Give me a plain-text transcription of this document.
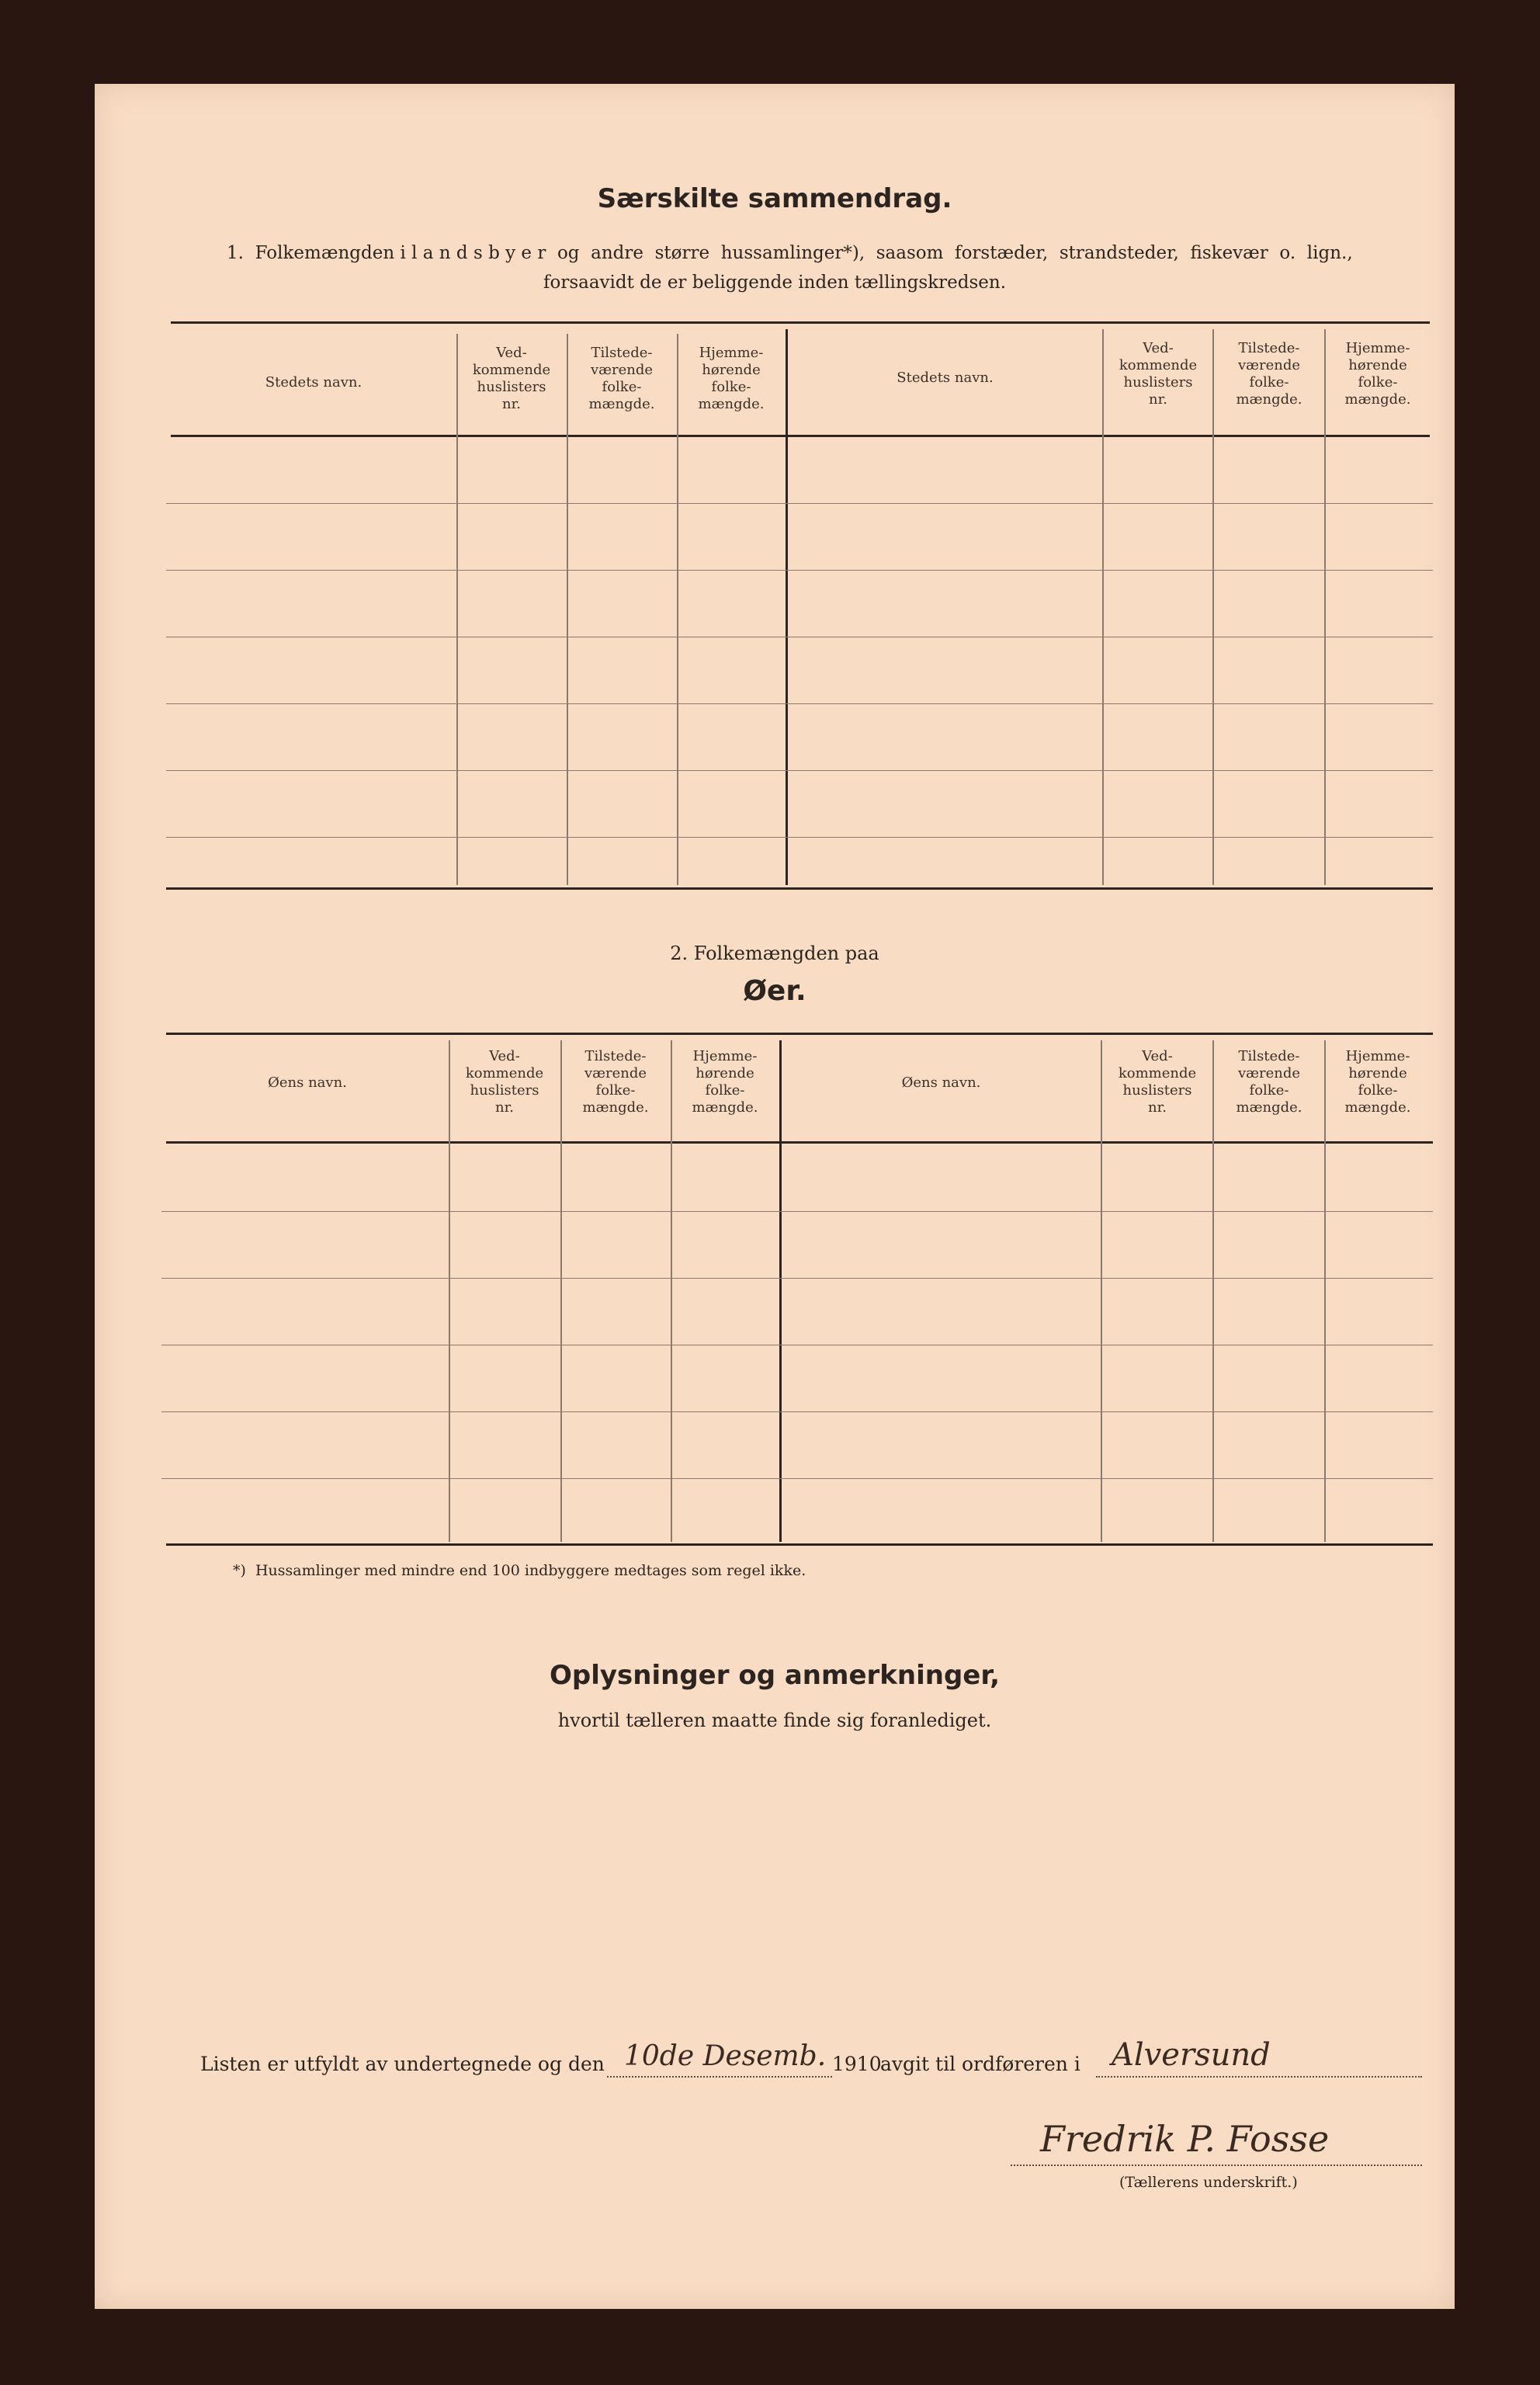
Særskilte sammendrag.
1.  Folkemængden i l a n d s b y e r  og  andre  større  hussamlinger*),  saasom  forstæder,  strandsteder,  fiskevær  o.  lign.,
forsaavidt de er beliggende inden tællingskredsen.
Stedets navn.
Ved-
kommende
huslisters
nr.
Tilstede-
værende
folke-
mængde.
Hjemme-
hørende
folke-
mængde.
Stedets navn.
Ved-
kommende
huslisters
nr.
Tilstede-
værende
folke-
mængde.
Hjemme-
hørende
folke-
mængde.
2. Folkemængden paa
Øer.
Øens navn.
Ved-
kommende
huslisters
nr.
Tilstede-
værende
folke-
mængde.
Hjemme-
hørende
folke-
mængde.
Øens navn.
Ved-
kommende
huslisters
nr.
Tilstede-
værende
folke-
mængde.
Hjemme-
hørende
folke-
mængde.
*)  Hussamlinger med mindre end 100 indbyggere medtages som regel ikke.
Oplysninger og anmerkninger,
hvortil tælleren maatte finde sig foranlediget.
Listen er utfyldt av undertegnede og den 10de Desemb. 1910
avgit til ordføreren i Alversund
Fredrik P. Fosse
(Tællerens underskrift.)
